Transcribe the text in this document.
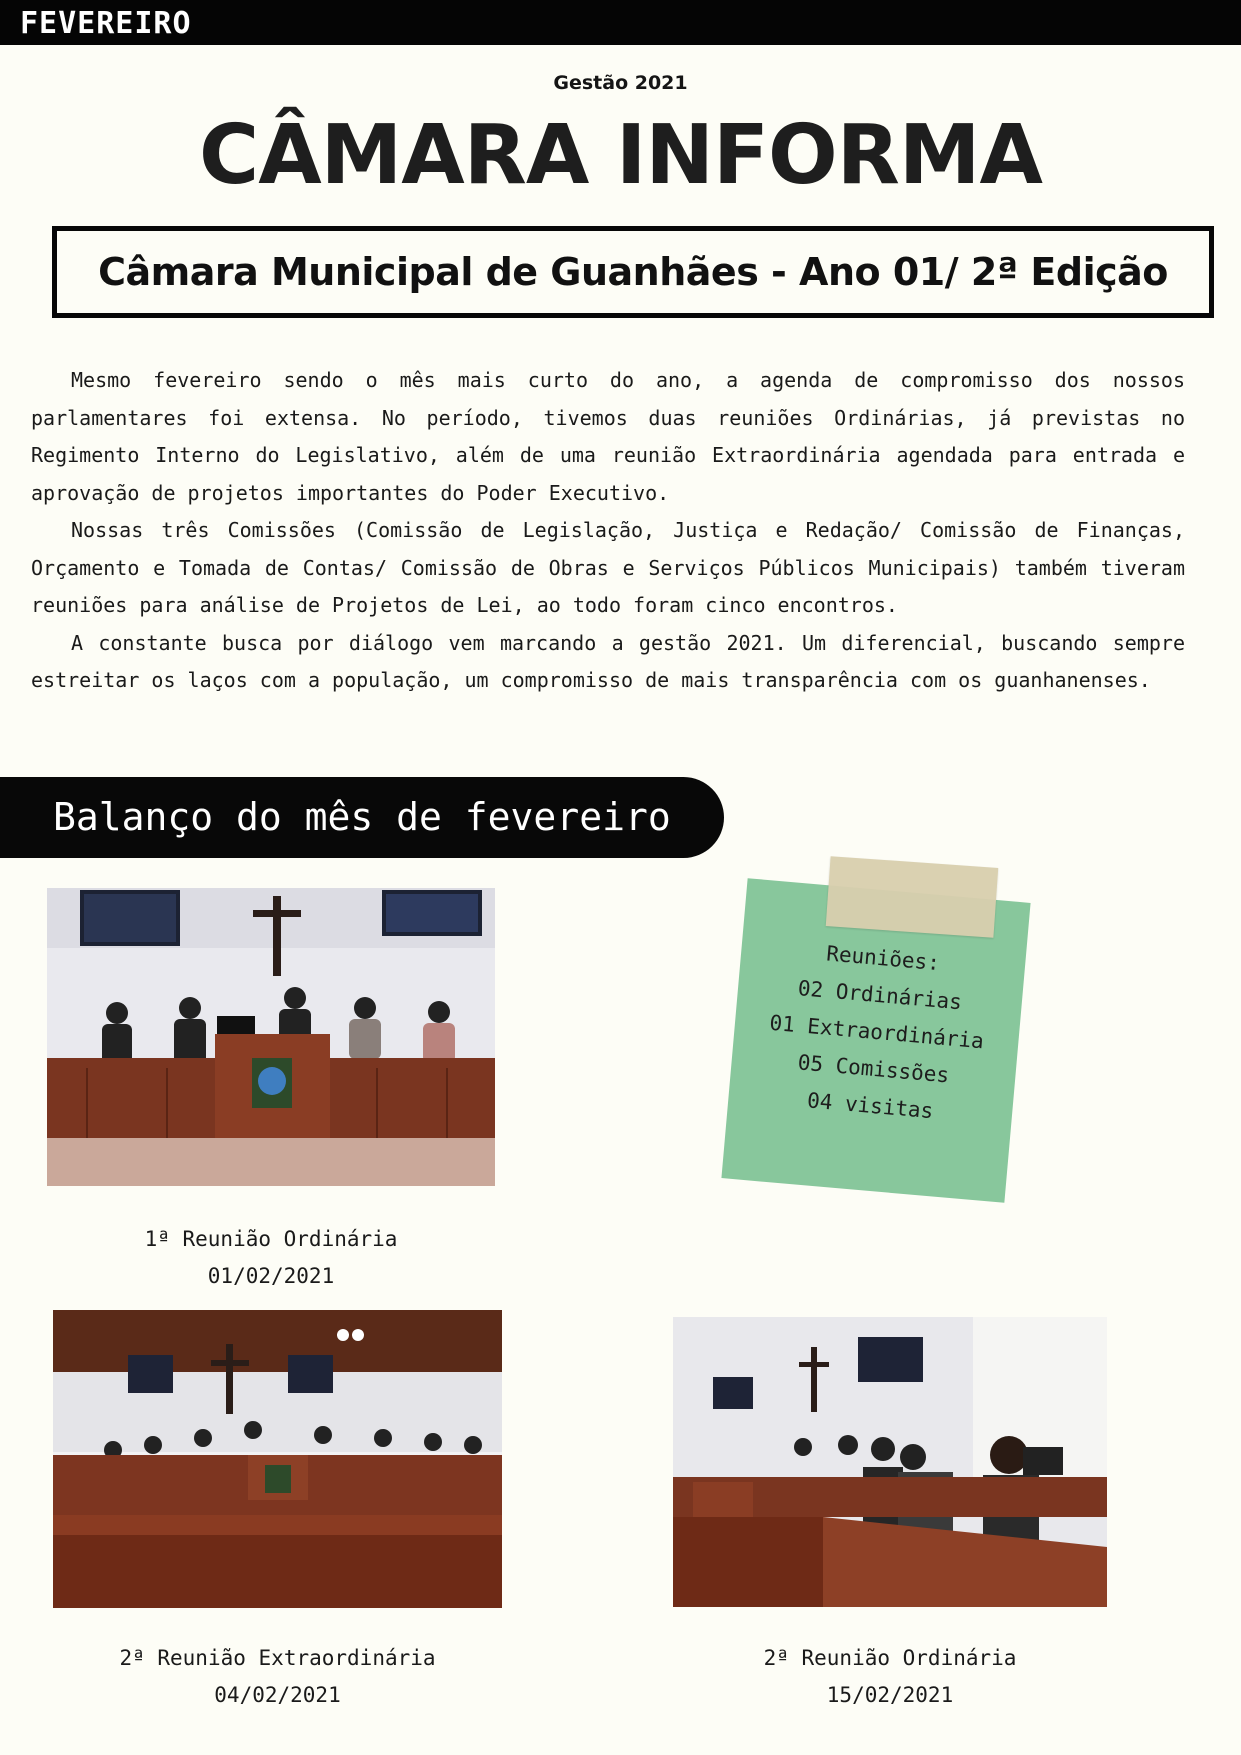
FEVEREIRO
Gestão 2021
CÂMARA INFORMA
Câmara Municipal de Guanhães - Ano 01/ 2ª Edição

Mesmo fevereiro sendo o mês mais curto do ano, a agenda de compromisso dos nossos parlamentares foi extensa. No período, tivemos duas reuniões Ordinárias, já previstas no Regimento Interno do Legislativo, além de uma reunião Extraordinária agendada para entrada e aprovação de projetos importantes do Poder Executivo.

Nossas três Comissões (Comissão de Legislação, Justiça e Redação/ Comissão de Finanças, Orçamento e Tomada de Contas/ Comissão de Obras e Serviços Públicos Municipais) também tiveram reuniões para análise de Projetos de Lei, ao todo foram cinco encontros.

A constante busca por diálogo vem marcando a gestão 2021. Um diferencial, buscando sempre estreitar os laços com a população, um compromisso de mais transparência com os guanhanenses.

Balanço do mês de fevereiro
1ª Reunião Ordinária
01/02/2021
Reuniões:
02 Ordinárias
01 Extraordinária
05 Comissões
04 visitas
2ª Reunião Extraordinária
04/02/2021
2ª Reunião Ordinária
15/02/2021
